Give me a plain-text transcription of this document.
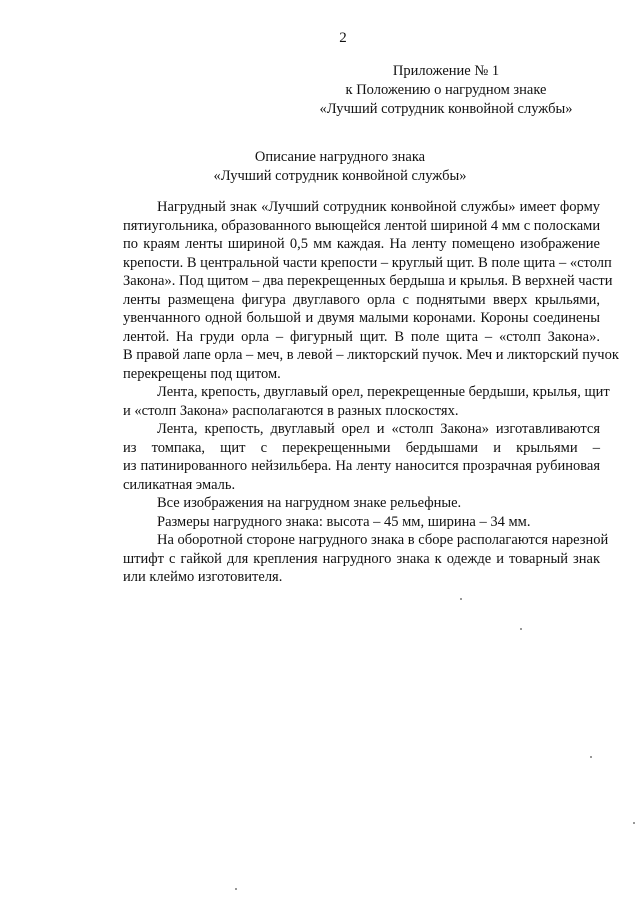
2
Приложение № 1
к Положению о нагрудном знаке
«Лучший сотрудник конвойной службы»
Описание нагрудного знака
«Лучший сотрудник конвойной службы»
Нагрудный знак «Лучший сотрудник конвойной службы» имеет форму
пятиугольника, образованного выющейся лентой шириной 4 мм с полосками
по краям ленты шириной 0,5 мм каждая. На ленту помещено изображение
крепости. В центральной части крепости – круглый щит. В поле щита – «столп
Закона». Под щитом – два перекрещенных бердыша и крылья. В верхней части
ленты размещена фигура двуглавого орла с поднятыми вверх крыльями,
увенчанного одной большой и двумя малыми коронами. Короны соединены
лентой. На груди орла – фигурный щит. В поле щита – «столп Закона».
В правой лапе орла – меч, в левой – ликторский пучок. Меч и ликторский пучок
перекрещены под щитом.
Лента, крепость, двуглавый орел, перекрещенные бердыши, крылья, щит
и «столп Закона» располагаются в разных плоскостях.
Лента, крепость, двуглавый орел и «столп Закона» изготавливаются
из томпака, щит с перекрещенными бердышами и крыльями –
из патинированного нейзильбера. На ленту наносится прозрачная рубиновая
силикатная эмаль.
Все изображения на нагрудном знаке рельефные.
Размеры нагрудного знака: высота – 45 мм, ширина – 34 мм.
На оборотной стороне нагрудного знака в сборе располагаются нарезной
штифт с гайкой для крепления нагрудного знака к одежде и товарный знак
или клеймо изготовителя.
